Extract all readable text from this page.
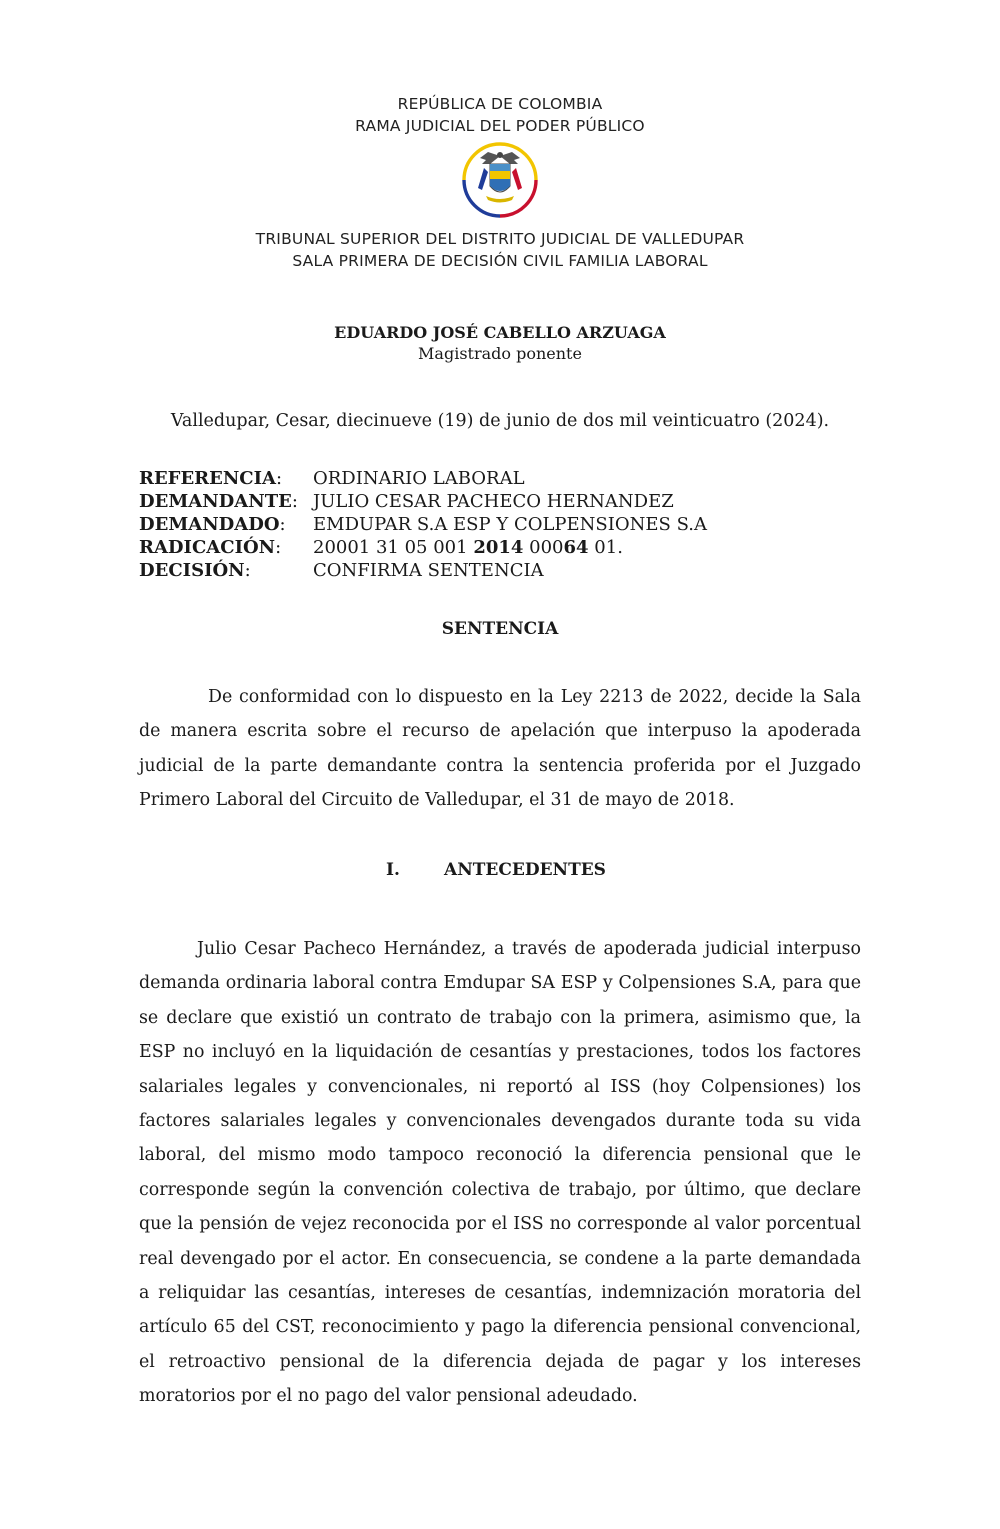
REPÚBLICA DE COLOMBIA
RAMA JUDICIAL DEL PODER PÚBLICO
TRIBUNAL SUPERIOR DEL DISTRITO JUDICIAL DE VALLEDUPAR
SALA PRIMERA DE DECISIÓN CIVIL FAMILIA LABORAL
EDUARDO JOSÉ CABELLO ARZUAGA
Magistrado ponente
Valledupar, Cesar, diecinueve (19) de junio de dos mil veinticuatro (2024).
REFERENCIA: ORDINARIO LABORAL
DEMANDANTE: JULIO CESAR PACHECO HERNANDEZ
DEMANDADO: EMDUPAR S.A ESP Y COLPENSIONES S.A
RADICACIÓN: 20001 31 05 001 2014 00064 01.
DECISIÓN:	CONFIRMA SENTENCIA
SENTENCIA

De conformidad con lo dispuesto en la Ley 2213 de 2022, decide la Sala de manera escrita sobre el recurso de apelación que interpuso la apoderada judicial de la parte demandante contra la sentencia proferida por el Juzgado Primero Laboral del Circuito de Valledupar, el 31 de mayo de 2018.

I.	ANTECEDENTES

Julio Cesar Pacheco Hernández, a través de apoderada judicial interpuso demanda ordinaria laboral contra Emdupar SA ESP y Colpensiones S.A, para que se declare que existió un contrato de trabajo con la primera, asimismo que, la ESP no incluyó en la liquidación de cesantías y prestaciones, todos los factores salariales legales y convencionales, ni reportó al ISS (hoy Colpensiones) los factores salariales legales y convencionales devengados durante toda su vida laboral, del mismo modo tampoco reconoció la diferencia pensional que le corresponde según la convención colectiva de trabajo, por último, que declare que la pensión de vejez reconocida por el ISS no corresponde al valor porcentual real devengado por el actor. En consecuencia, se condene a la parte demandada a reliquidar las cesantías, intereses de cesantías, indemnización moratoria del artículo 65 del CST, reconocimiento y pago la diferencia pensional convencional, el retroactivo pensional de la diferencia dejada de pagar y los intereses moratorios por el no pago del valor pensional adeudado.
